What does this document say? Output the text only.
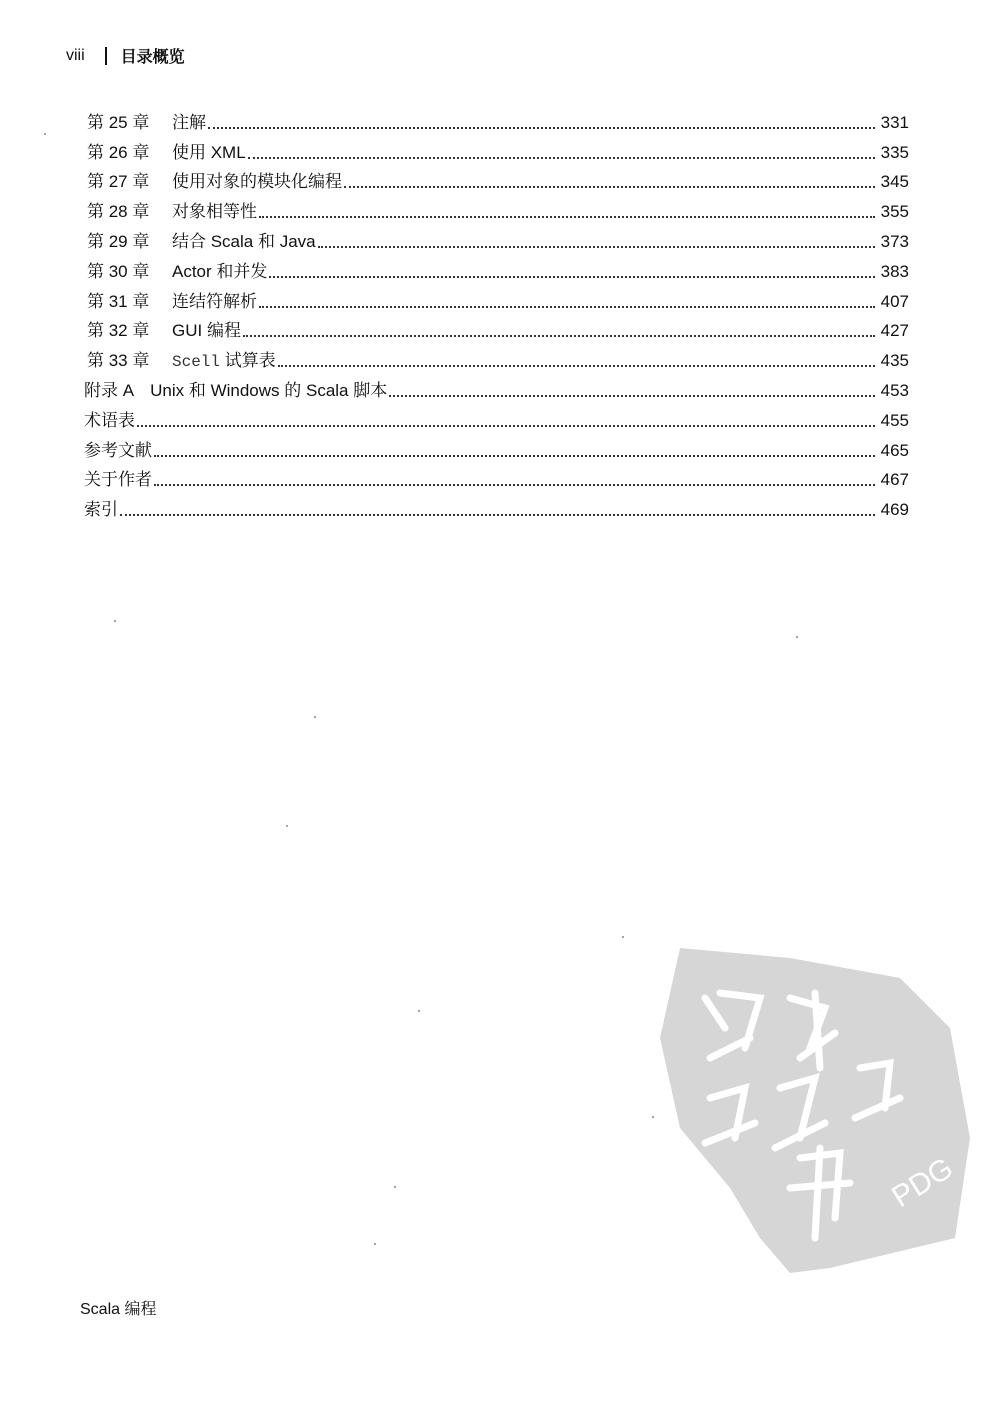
viii 目录概览
第 25 章	注解	331
第 26 章	使用 XML	335
第 27 章	使用对象的模块化编程	345
第 28 章	对象相等性	355
第 29 章	结合 Scala 和 Java	373
第 30 章	Actor 和并发	383
第 31 章	连结符解析	407
第 32 章	GUI 编程	427
第 33 章	Scell 试算表	435
附录 A　Unix 和 Windows 的 Scala 脚本	453
术语表	455
参考文献	465
关于作者	467
索引	469
PDG
Scala 编程
